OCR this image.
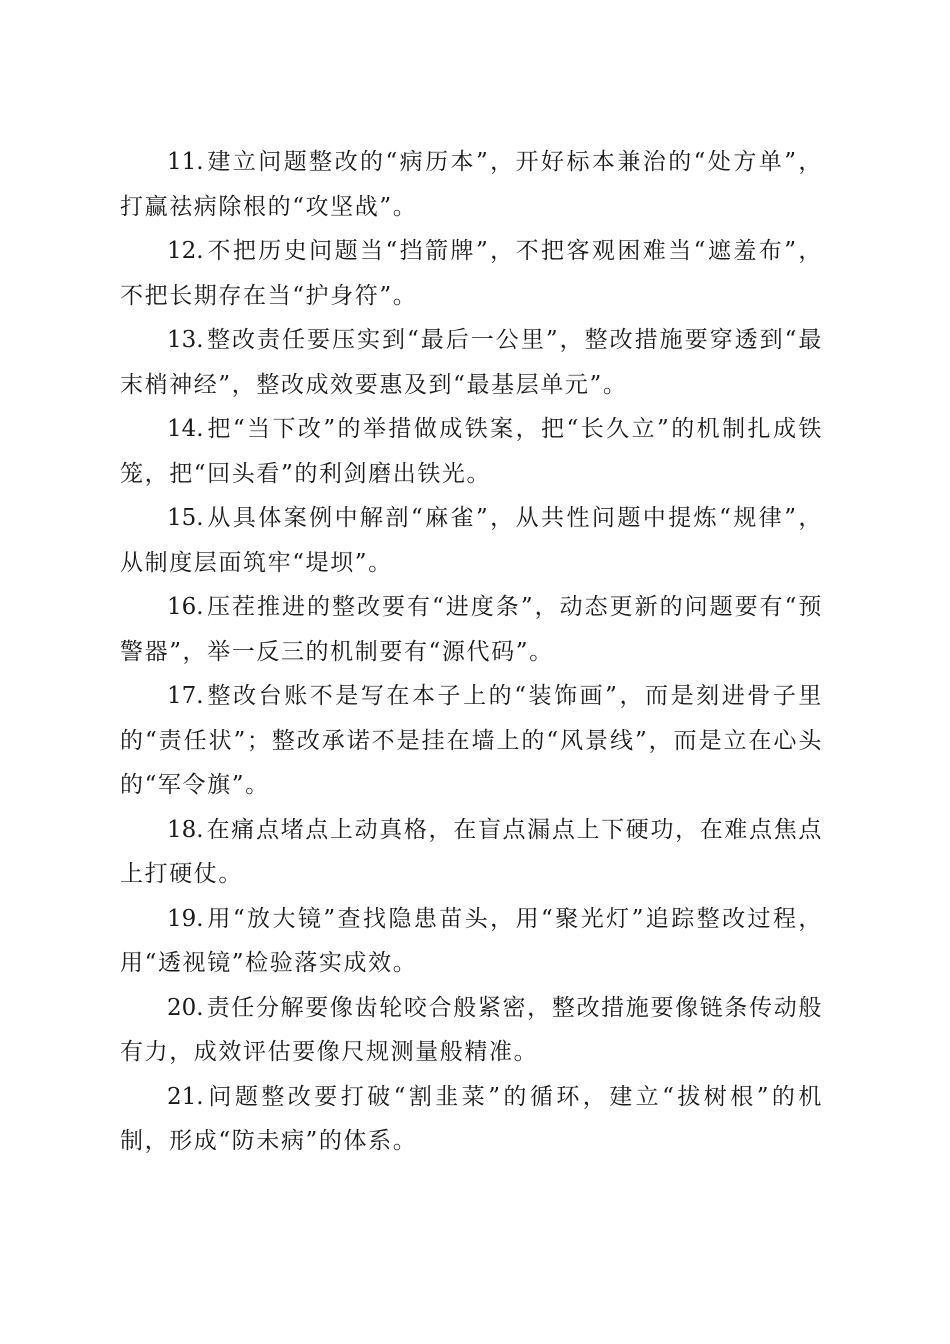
11. 建立问题整改的“病历本”，开好标本兼治的“处方单”，打赢祛病除根的“攻坚战”。

12. 不把历史问题当“挡箭牌”，不把客观困难当“遮羞布”，不把长期存在当“护身符”。

13. 整改责任要压实到“最后一公里”，整改措施要穿透到“最末梢神经”，整改成效要惠及到“最基层单元”。

14. 把“当下改”的举措做成铁案，把“长久立”的机制扎成铁笼，把“回头看”的利剑磨出铁光。

15. 从具体案例中解剖“麻雀”，从共性问题中提炼“规律”，从制度层面筑牢“堤坝”。

16. 压茬推进的整改要有“进度条”，动态更新的问题要有“预警器”，举一反三的机制要有“源代码”。

17. 整改台账不是写在本子上的“装饰画”，而是刻进骨子里的“责任状”；整改承诺不是挂在墙上的“风景线”，而是立在心头的“军令旗”。

18. 在痛点堵点上动真格，在盲点漏点上下硬功，在难点焦点上打硬仗。

19. 用“放大镜”查找隐患苗头，用“聚光灯”追踪整改过程，用“透视镜”检验落实成效。

20. 责任分解要像齿轮咬合般紧密，整改措施要像链条传动般有力，成效评估要像尺规测量般精准。

21. 问题整改要打破“割韭菜”的循环，建立“拔树根”的机制，形成“防未病”的体系。
